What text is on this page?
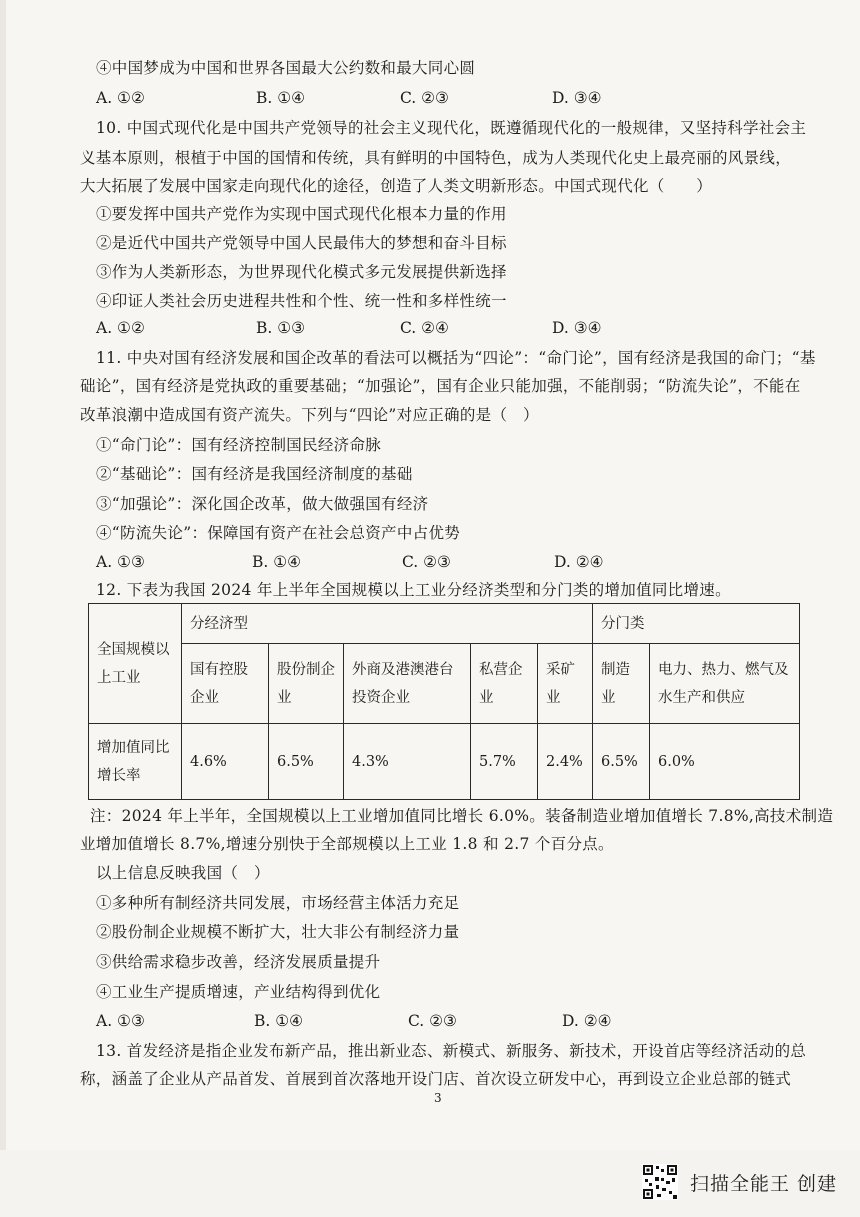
④中国梦成为中国和世界各国最大公约数和最大同心圆
A. ①②	B. ①④	C. ②③	D. ③④
10. 中国式现代化是中国共产党领导的社会主义现代化，既遵循现代化的一般规律，又坚持科学社会主
义基本原则，根植于中国的国情和传统，具有鲜明的中国特色，成为人类现代化史上最亮丽的风景线，
大大拓展了发展中国家走向现代化的途径，创造了人类文明新形态。中国式现代化（　　）
①要发挥中国共产党作为实现中国式现代化根本力量的作用
②是近代中国共产党领导中国人民最伟大的梦想和奋斗目标
③作为人类新形态，为世界现代化模式多元发展提供新选择
④印证人类社会历史进程共性和个性、统一性和多样性统一
A. ①②	B. ①③	C. ②④	D. ③④
11. 中央对国有经济发展和国企改革的看法可以概括为“四论”：“命门论”，国有经济是我国的命门；“基
础论”，国有经济是党执政的重要基础；“加强论”，国有企业只能加强，不能削弱；“防流失论”，不能在
改革浪潮中造成国有资产流失。下列与“四论”对应正确的是（　）
①“命门论”：国有经济控制国民经济命脉
②“基础论”：国有经济是我国经济制度的基础
③“加强论”：深化国企改革，做大做强国有经济
④“防流失论”：保障国有资产在社会总资产中占优势
A. ①③	B. ①④	C. ②③	D. ②④
12. 下表为我国 2024 年上半年全国规模以上工业分经济类型和分门类的增加值同比增速。
全国规模以上工业	分经济型					分门类	
	国有控股企业	股份制企业	外商及港澳港台投资企业	私营企业	采矿业	制造业	电力、热力、燃气及水生产和供应
增加值同比增长率	4.6%	6.5%	4.3%	5.7%	2.4%	6.5%	6.0%
注：2024 年上半年，全国规模以上工业增加值同比增长 6.0%。装备制造业增加值增长 7.8%,高技术制造
业增加值增长 8.7%,增速分别快于全部规模以上工业 1.8 和 2.7 个百分点。
以上信息反映我国（　）
①多种所有制经济共同发展，市场经营主体活力充足
②股份制企业规模不断扩大，壮大非公有制经济力量
③供给需求稳步改善，经济发展质量提升
④工业生产提质增速，产业结构得到优化
A. ①③	B. ①④	C. ②③	D. ②④
13. 首发经济是指企业发布新产品，推出新业态、新模式、新服务、新技术，开设首店等经济活动的总
称，涵盖了企业从产品首发、首展到首次落地开设门店、首次设立研发中心，再到设立企业总部的链式
3
扫描全能王 创建
